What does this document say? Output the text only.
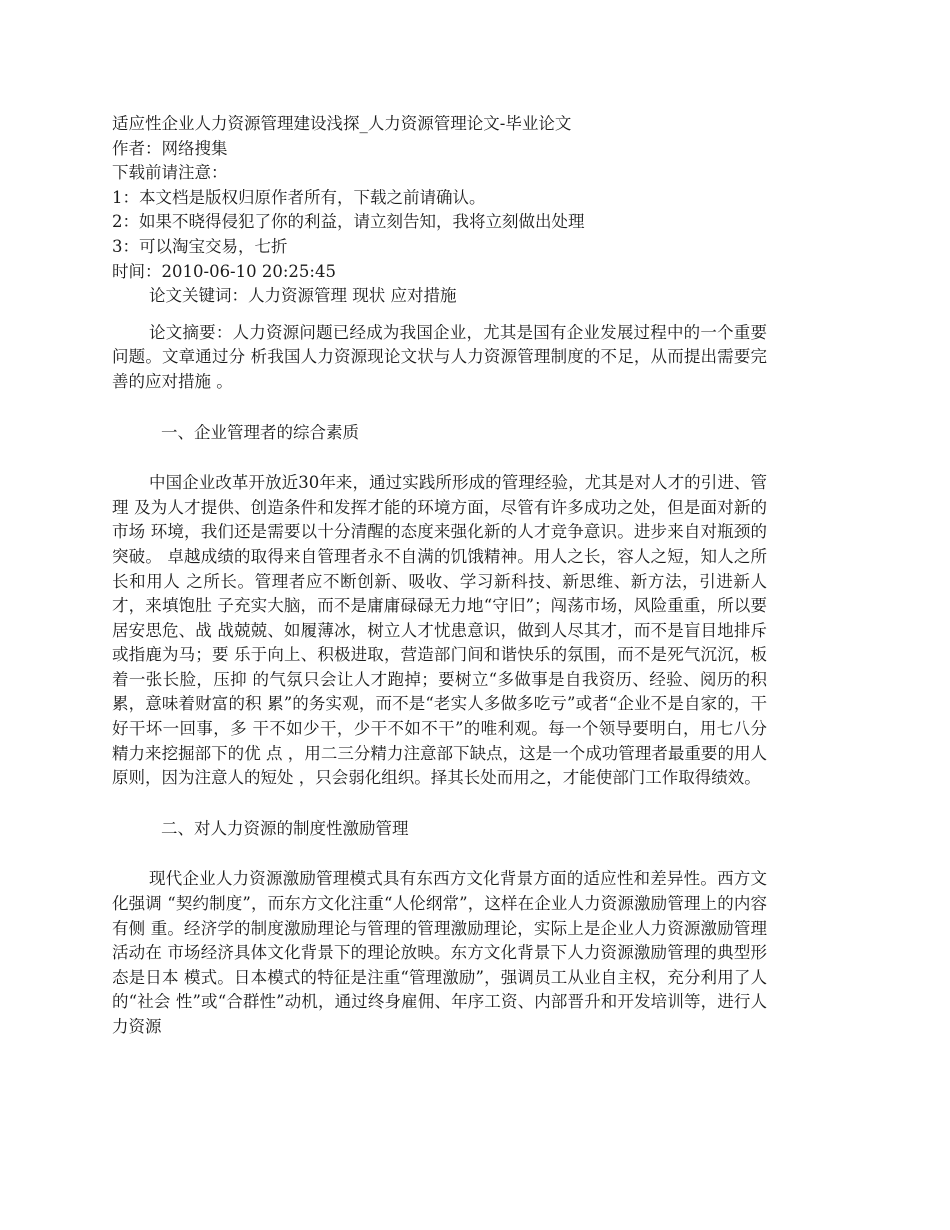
适应性企业人力资源管理建设浅探_人力资源管理论文-毕业论文
作者：网络搜集
下载前请注意：
1：本文档是版权归原作者所有，下载之前请确认。
2：如果不晓得侵犯了你的利益，请立刻告知，我将立刻做出处理
3：可以淘宝交易，七折
时间：2010-06-10 20:25:45
论文关键词：人力资源管理 现状 应对措施

论文摘要：人力资源问题已经成为我国企业，尤其是国有企业发展过程中的一个重要问题。文章通过分 析我国人力资源现论文状与人力资源管理制度的不足，从而提出需要完善的应对措施 。

一、企业管理者的综合素质

中国企业改革开放近30年来，通过实践所形成的管理经验，尤其是对人才的引进、管理 及为人才提供、创造条件和发挥才能的环境方面，尽管有许多成功之处，但是面对新的市场 环境，我们还是需要以十分清醒的态度来强化新的人才竞争意识。进步来自对瓶颈的突破。 卓越成绩的取得来自管理者永不自满的饥饿精神。用人之长，容人之短，知人之所长和用人 之所长。管理者应不断创新、吸收、学习新科技、新思维、新方法，引进新人才，来填饱肚 子充实大脑，而不是庸庸碌碌无力地“守旧”；闯荡市场，风险重重，所以要居安思危、战 战兢兢、如履薄冰，树立人才忧患意识，做到人尽其才，而不是盲目地排斥或指鹿为马；要 乐于向上、积极进取，营造部门间和谐快乐的氛围，而不是死气沉沉，板着一张长脸，压抑 的气氛只会让人才跑掉；要树立“多做事是自我资历、经验、阅历的积累，意味着财富的积 累”的务实观，而不是“老实人多做多吃亏”或者“企业不是自家的，干好干坏一回事，多 干不如少干，少干不如不干”的唯利观。每一个领导要明白，用七八分精力来挖掘部下的优 点 ，用二三分精力注意部下缺点，这是一个成功管理者最重要的用人原则，因为注意人的短处 ，只会弱化组织。择其长处而用之，才能使部门工作取得绩效。

二、对人力资源的制度性激励管理

现代企业人力资源激励管理模式具有东西方文化背景方面的适应性和差异性。西方文化强调 “契约制度”，而东方文化注重“人伦纲常”，这样在企业人力资源激励管理上的内容有侧 重。经济学的制度激励理论与管理的管理激励理论，实际上是企业人力资源激励管理活动在 市场经济具体文化背景下的理论放映。东方文化背景下人力资源激励管理的典型形态是日本 模式。日本模式的特征是注重“管理激励”，强调员工从业自主权，充分利用了人的“社会 性”或“合群性”动机，通过终身雇佣、年序工资、内部晋升和开发培训等，进行人力资源
